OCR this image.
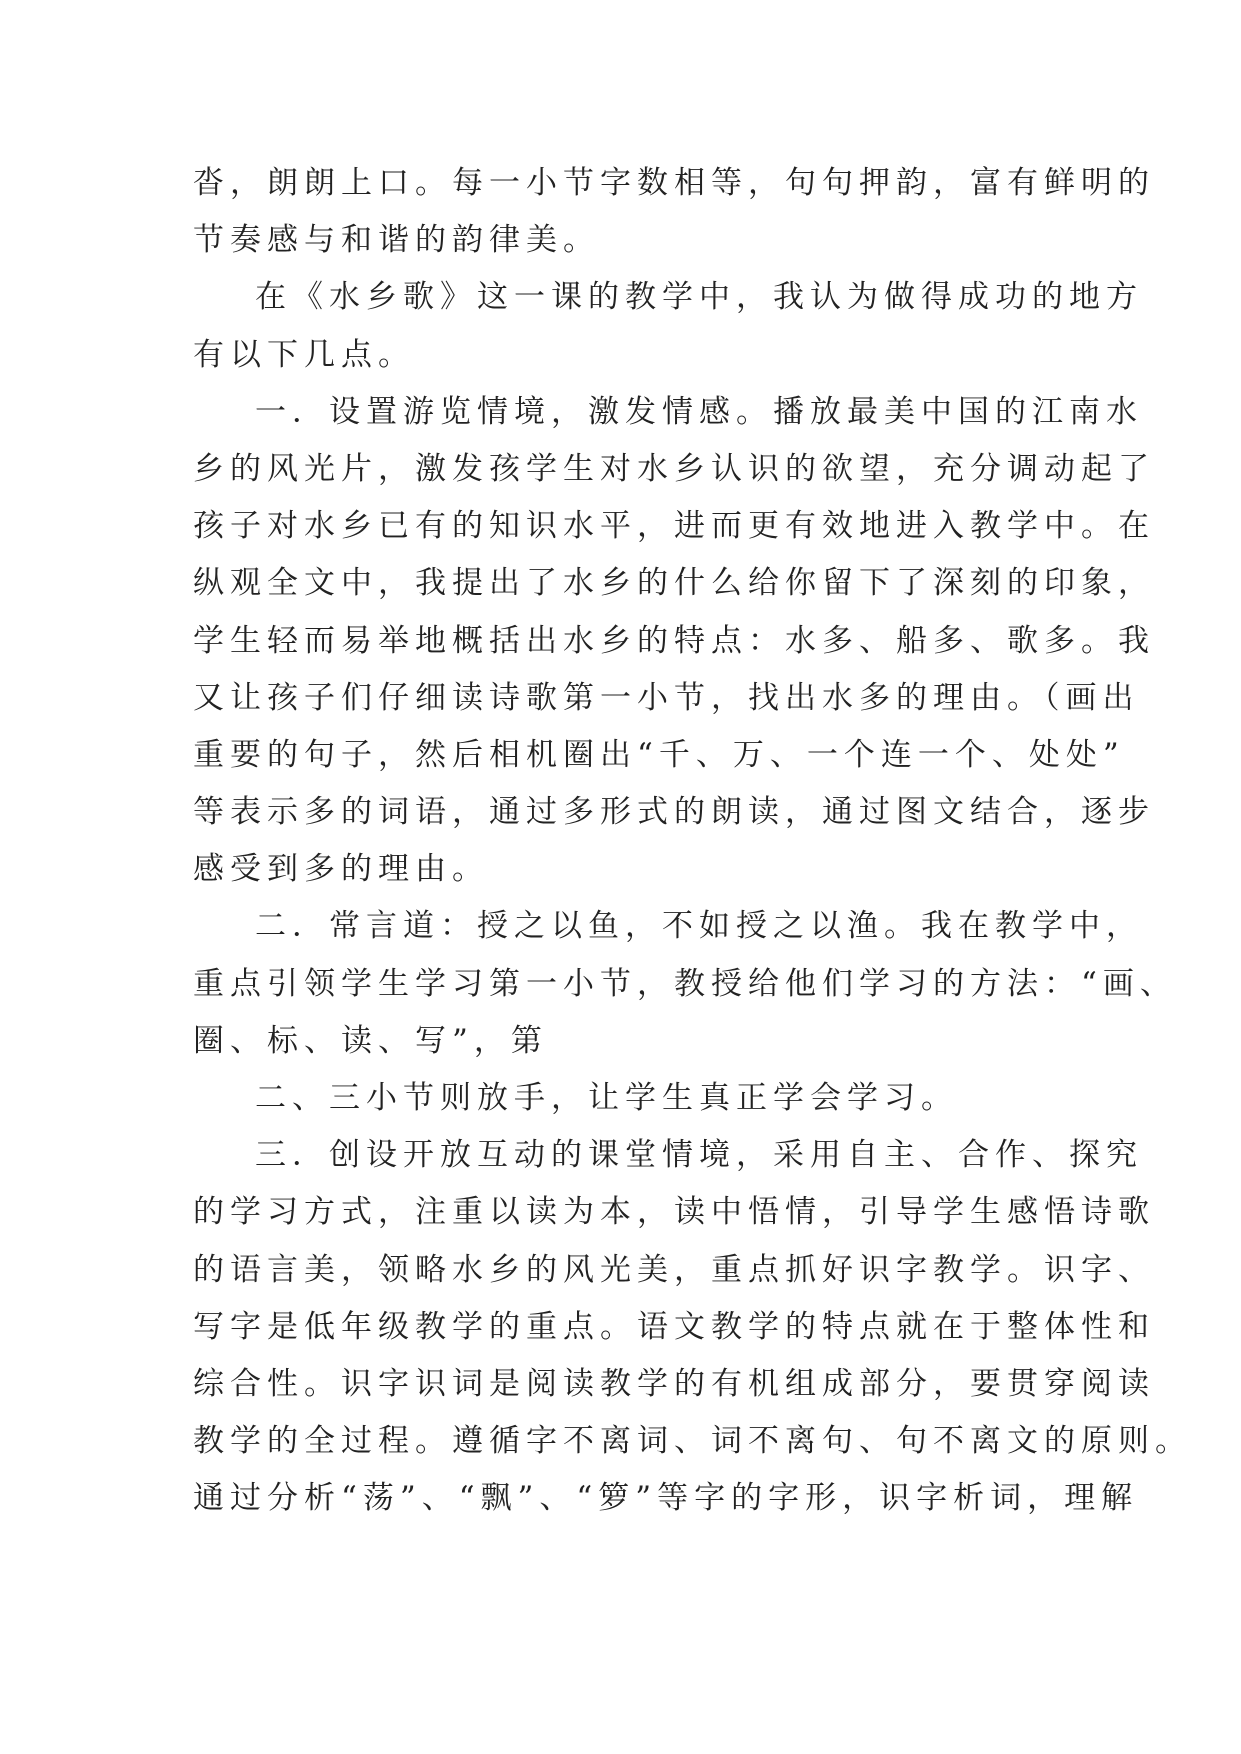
沓，朗朗上口。每一小节字数相等，句句押韵，富有鲜明的
节奏感与和谐的韵律美。
在《水乡歌》这一课的教学中，我认为做得成功的地方
有以下几点。
一．设置游览情境，激发情感。播放最美中国的江南水
乡的风光片，激发孩学生对水乡认识的欲望，充分调动起了
孩子对水乡已有的知识水平，进而更有效地进入教学中。在
纵观全文中，我提出了水乡的什么给你留下了深刻的印象，
学生轻而易举地概括出水乡的特点：水多、船多、歌多。我
又让孩子们仔细读诗歌第一小节，找出水多的理由。（画出
重要的句子，然后相机圈出“千、万、一个连一个、处处”
等表示多的词语，通过多形式的朗读，通过图文结合，逐步
感受到多的理由。
二．常言道：授之以鱼，不如授之以渔。我在教学中，
重点引领学生学习第一小节，教授给他们学习的方法：“画、
圈、标、读、写”，第
二、三小节则放手，让学生真正学会学习。
三．创设开放互动的课堂情境，采用自主、合作、探究
的学习方式，注重以读为本，读中悟情，引导学生感悟诗歌
的语言美，领略水乡的风光美，重点抓好识字教学。识字、
写字是低年级教学的重点。语文教学的特点就在于整体性和
综合性。识字识词是阅读教学的有机组成部分，要贯穿阅读
教学的全过程。遵循字不离词、词不离句、句不离文的原则。
通过分析“荡”、“飘”、“箩”等字的字形，识字析词，理解
